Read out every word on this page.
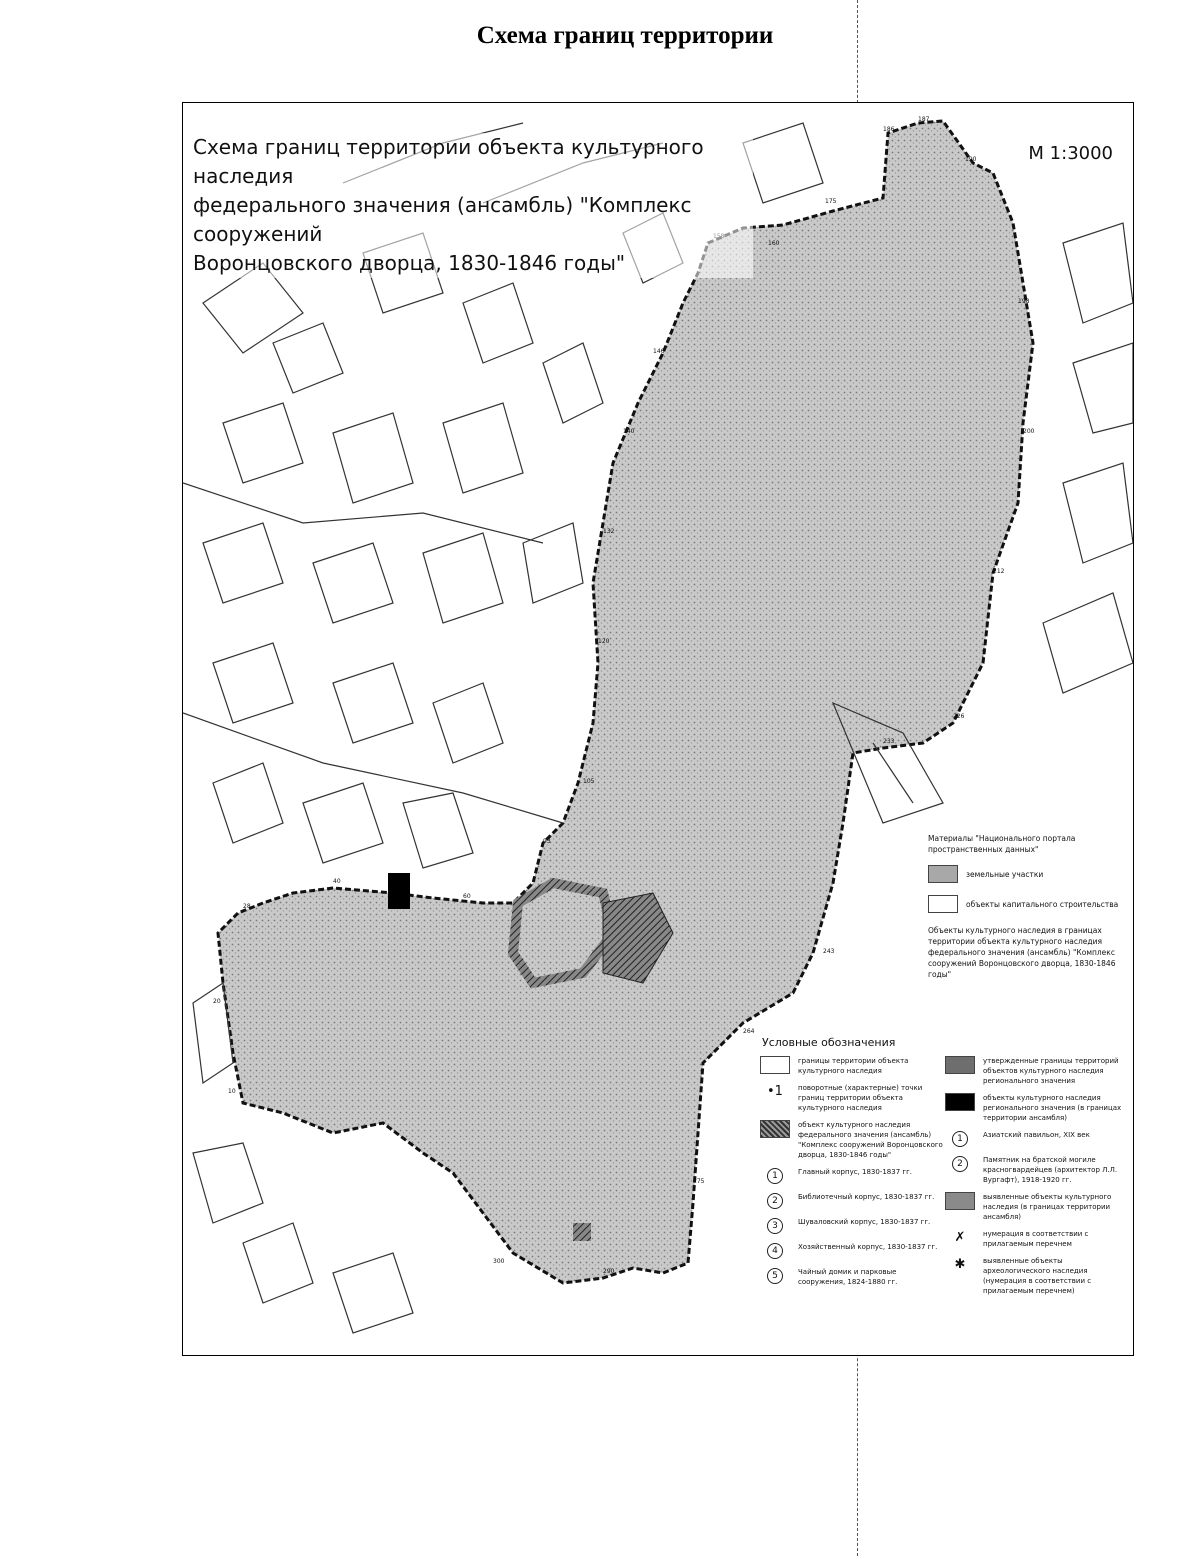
Схема границ территории
186
187
190
175
160
146
140
132
120
105
93
60
40
28
20
10
300
290
275
264
243
233
226
212
200
198
Схема границ территории объекта культурного наследия
федерального значения (ансамбль) "Комплекс сооружений
Воронцовского дворца, 1830-1846 годы"
М 1:3000
Материалы "Национального портала пространственных данных"
земельные участки
объекты капитального строительства
Объекты культурного наследия в границах территории объекта культурного наследия федерального значения (ансамбль) "Комплекс сооружений Воронцовского дворца, 1830-1846 годы"
Условные обозначения
границы территории объекта культурного наследия
•1	поворотные (характерные) точки границ территории объекта культурного наследия
объект культурного наследия федерального значения (ансамбль) "Комплекс сооружений Воронцовского дворца, 1830-1846 годы"
1	Главный корпус, 1830-1837 гг.
2	Библиотечный корпус, 1830-1837 гг.
3	Шуваловский корпус, 1830-1837 гг.
4	Хозяйственный корпус, 1830-1837 гг.
5	Чайный домик и парковые сооружения, 1824-1880 гг.
утвержденные границы территорий объектов культурного наследия регионального значения
объекты культурного наследия регионального значения (в границах территории ансамбля)
1	Азиатский павильон, XIX век
2	Памятник на братской могиле красногвардейцев (архитектор Л.Л. Вургафт), 1918-1920 гг.
выявленные объекты культурного наследия (в границах территории ансамбля)
✗	нумерация в соответствии с прилагаемым перечнем
✱	выявленные объекты археологического наследия (нумерация в соответствии с прилагаемым перечнем)
